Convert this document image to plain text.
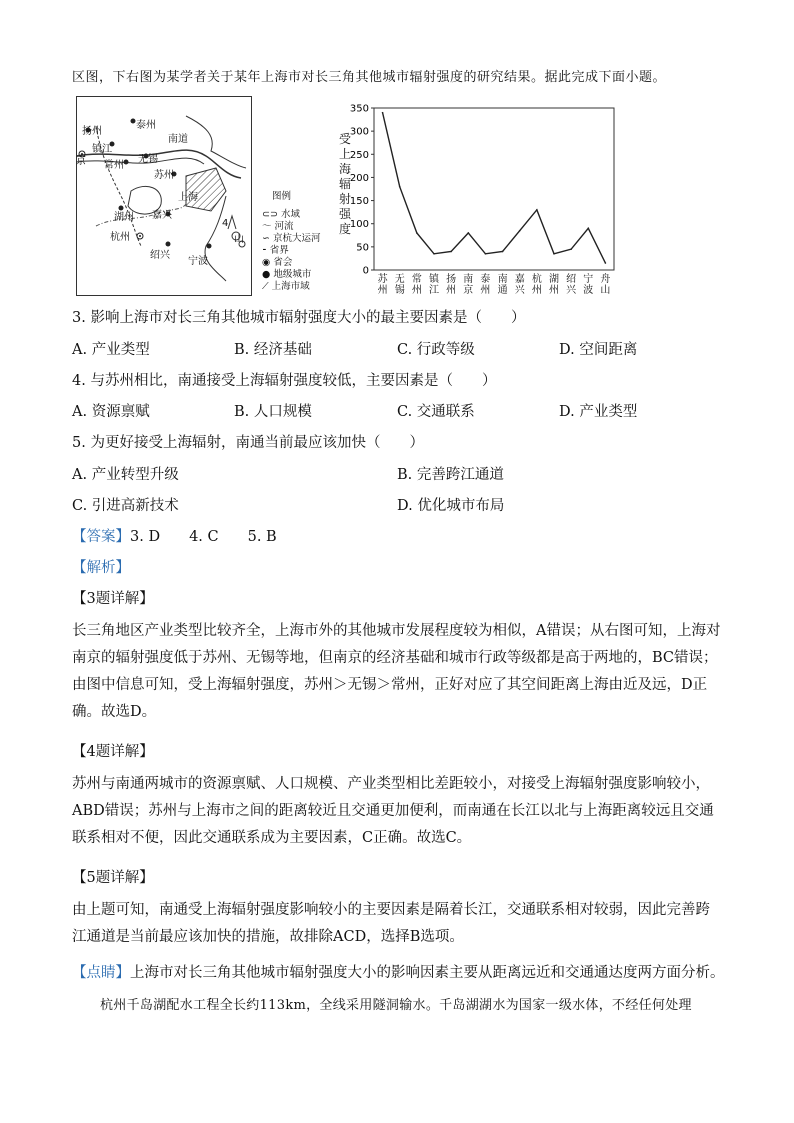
区图，下右图为某学者关于某年上海市对长三角其他城市辐射强度的研究结果。据此完成下面小题。
扬州
泰州
南道
镇江
京 常州
无锡
苏州
上海
湖州 嘉兴
杭州
绍兴
宁波
山
4
图例
⊂⊃ 水域
～ 河流
∽ 京杭大运河
⁃ 省界
◉ 省会
● 地级城市
⟋ 上海市域
受上海辐射强度
0
50
100
150
200
250
300
350
苏州
无锡
常州
镇江
扬州
南京
泰州
南通
嘉兴
杭州
湖州
绍兴
宁波
舟山
3. 影响上海市对长三角其他城市辐射强度大小的最主要因素是（　　）
A. 产业类型	B. 经济基础	C. 行政等级	D. 空间距离
4. 与苏州相比，南通接受上海辐射强度较低，主要因素是（　　）
A. 资源禀赋	B. 人口规模	C. 交通联系	D. 产业类型
5. 为更好接受上海辐射，南通当前最应该加快（　　）
A. 产业转型升级	B. 完善跨江通道
C. 引进高新技术	D. 优化城市布局
【答案】3. D　　4. C　　5. B
【解析】
【3题详解】
长三角地区产业类型比较齐全，上海市外的其他城市发展程度较为相似，A错误；从右图可知，上海对南京的辐射强度低于苏州、无锡等地，但南京的经济基础和城市行政等级都是高于两地的，BC错误；由图中信息可知，受上海辐射强度，苏州＞无锡＞常州，正好对应了其空间距离上海由近及远，D正确。故选D。
【4题详解】
苏州与南通两城市的资源禀赋、人口规模、产业类型相比差距较小，对接受上海辐射强度影响较小，ABD错误；苏州与上海市之间的距离较近且交通更加便利，而南通在长江以北与上海距离较远且交通联系相对不便，因此交通联系成为主要因素，C正确。故选C。
【5题详解】
由上题可知，南通受上海辐射强度影响较小的主要因素是隔着长江，交通联系相对较弱，因此完善跨江通道是当前最应该加快的措施，故排除ACD，选择B选项。
【点睛】上海市对长三角其他城市辐射强度大小的影响因素主要从距离远近和交通通达度两方面分析。
杭州千岛湖配水工程全长约113km，全线采用隧洞输水。千岛湖湖水为国家一级水体，不经任何处理
